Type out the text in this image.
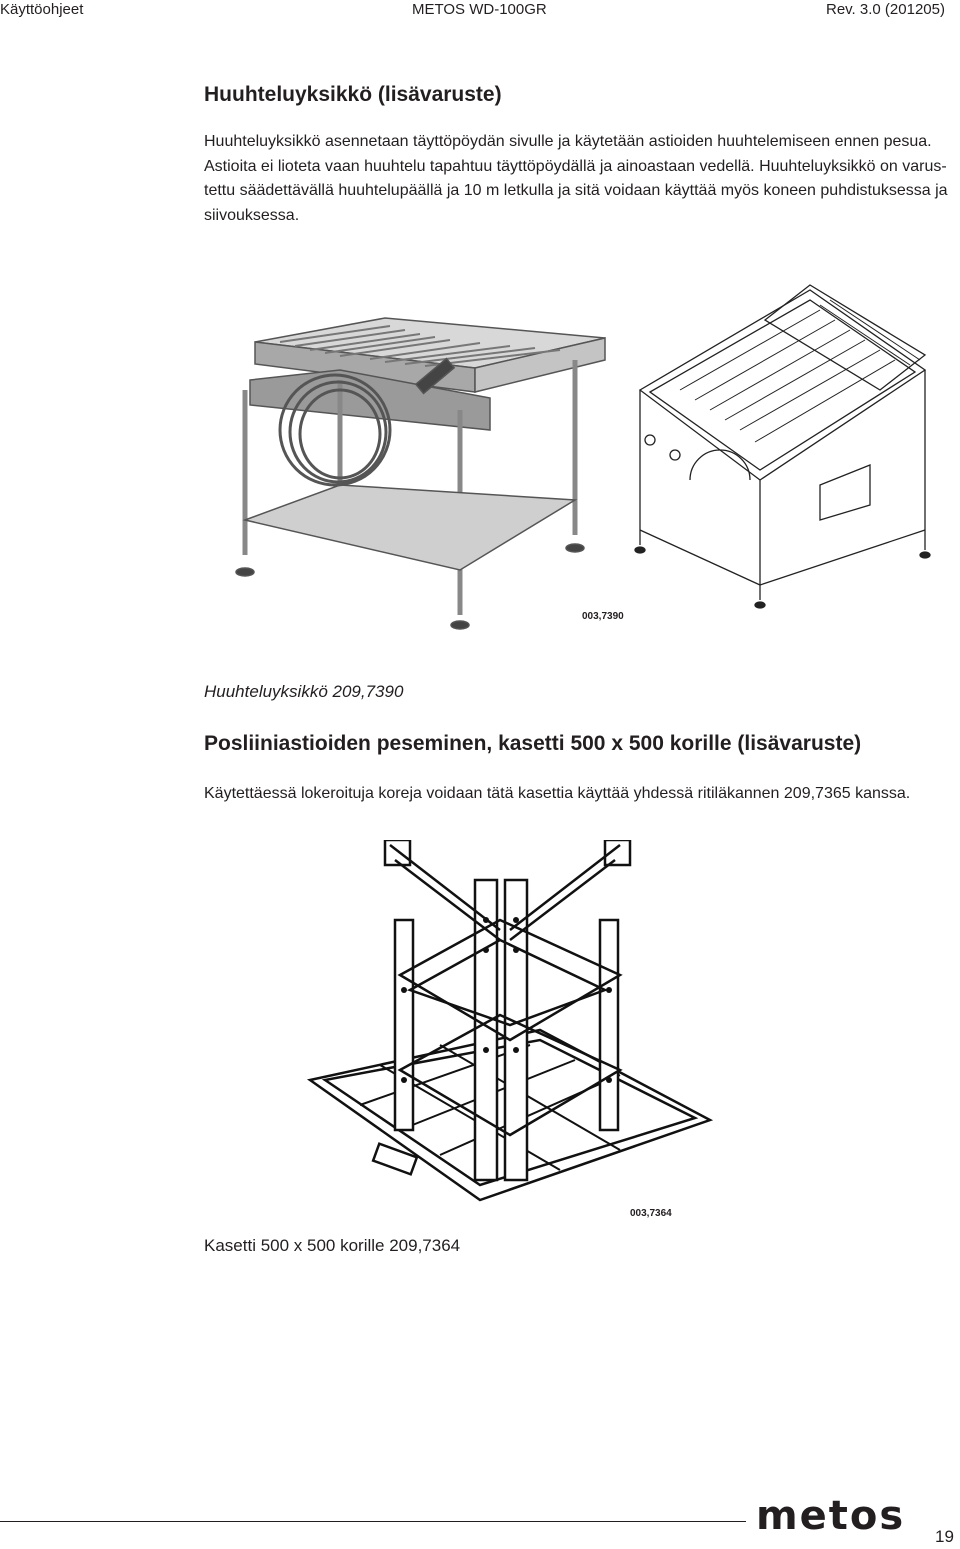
Käyttöohjeet	METOS WD-100GR	Rev. 3.0 (201205)
Huuhteluyksikkö (lisävaruste)
Huuhteluyksikkö asennetaan täyttöpöydän sivulle ja käytetään astioiden huuhtelemiseen ennen pesua.
Astioita ei lioteta vaan huuhtelu tapahtuu täyttöpöydällä ja ainoastaan vedellä. Huuhteluyksikkö on varus-
tettu säädettävällä huuhtelupäällä ja 10 m letkulla ja sitä voidaan käyttää myös koneen puhdistuksessa ja
siivouksessa.
003,7390
Huuhteluyksikkö 209,7390
Posliiniastioiden peseminen, kasetti 500 x 500 korille (lisävaruste)
Käytettäessä lokeroituja koreja voidaan tätä kasettia käyttää yhdessä ritiläkannen 209,7365 kanssa.
003,7364
Kasetti 500 x 500 korille 209,7364
metos 19
